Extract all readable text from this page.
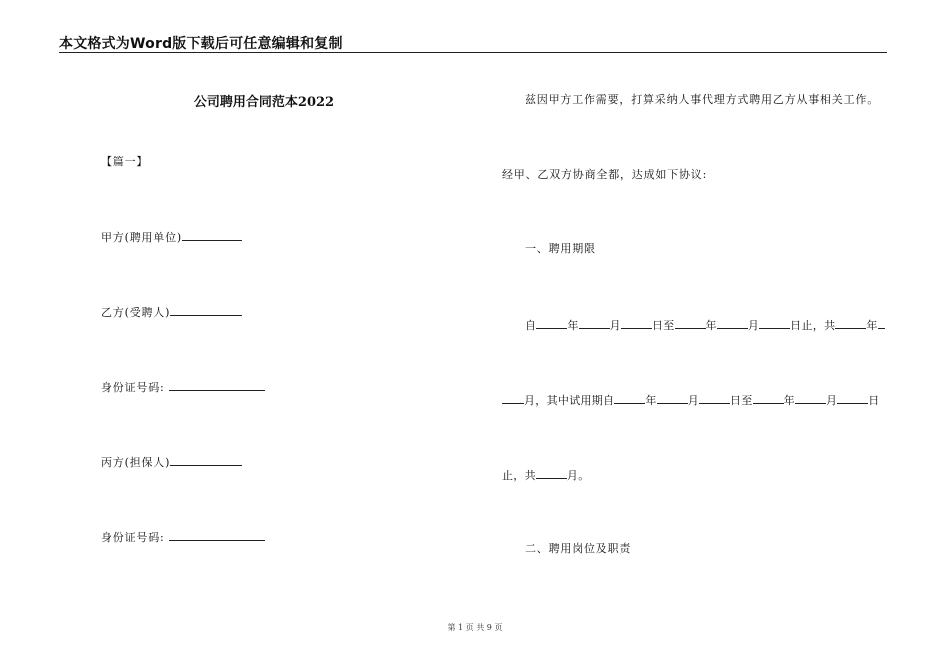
本文格式为Word版下载后可任意编辑和复制
公司聘用合同范本2022
【篇一】
甲方(聘用单位)
乙方(受聘人)
身份证号码:
丙方(担保人)
身份证号码:
兹因甲方工作需要，打算采纳人事代理方式聘用乙方从事相关工作。
经甲、乙双方协商全都，达成如下协议:
一、聘用期限
自	年	月	日至	年	月	日止，共	年
月，其中试用期自	年	月	日至	年	月	日
止，共	月。
二、聘用岗位及职责
第 1 页 共 9 页
